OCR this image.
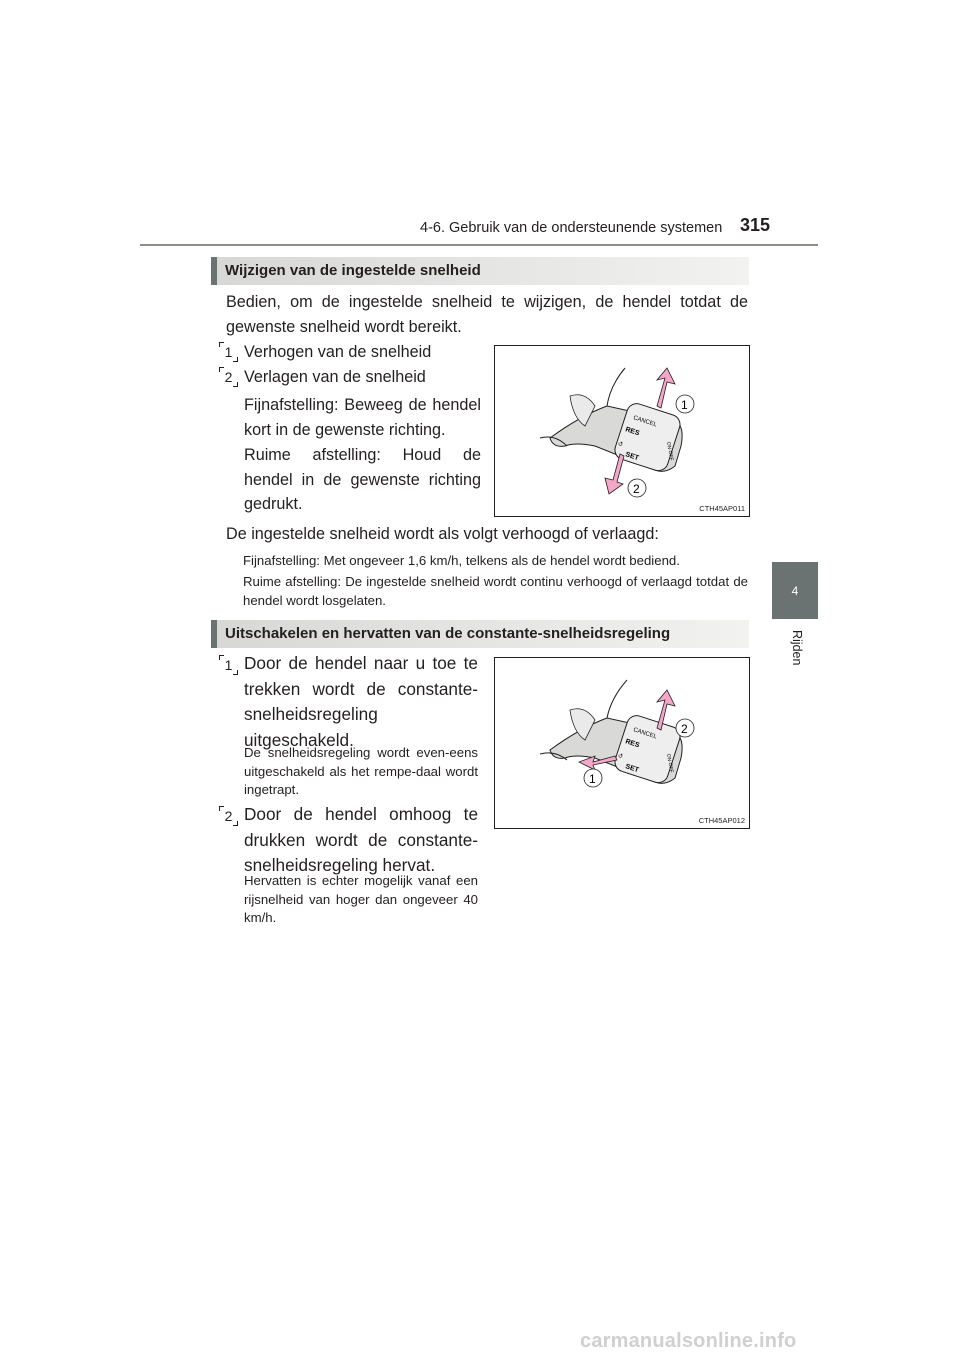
4-6. Gebruik van de ondersteunende systemen 315
4
Rijden
Wijzigen van de ingestelde snelheid
Bedien, om de ingestelde snelheid te wijzigen, de hendel totdat de gewenste snelheid wordt bereikt.
1 Verhogen van de snelheid
2 Verlagen van de snelheid
Fijnafstelling: Beweeg de hendel kort in de gewenste richting.
Ruime afstelling: Houd de hendel in de gewenste richting gedrukt.
CANCEL
RES
↺
SET	ON·OFF
1
2
CTH45AP011
De ingestelde snelheid wordt als volgt verhoogd of verlaagd:
Fijnafstelling: Met ongeveer 1,6 km/h, telkens als de hendel wordt bediend.
Ruime afstelling: De ingestelde snelheid wordt continu verhoogd of verlaagd totdat de hendel wordt losgelaten.
Uitschakelen en hervatten van de constante-snelheidsregeling
1 Door de hendel naar u toe te trekken wordt de constante-snelheidsregeling uitgeschakeld.
De snelheidsregeling wordt even-eens uitgeschakeld als het rempe-daal wordt ingetrapt.
2 Door de hendel omhoog te drukken wordt de constante-snelheidsregeling hervat.
Hervatten is echter mogelijk vanaf een rijsnelheid van hoger dan ongeveer 40 km/h.
CANCEL
RES
↺
SET	ON·OFF
2
1
CTH45AP012
carmanualsonline.info
